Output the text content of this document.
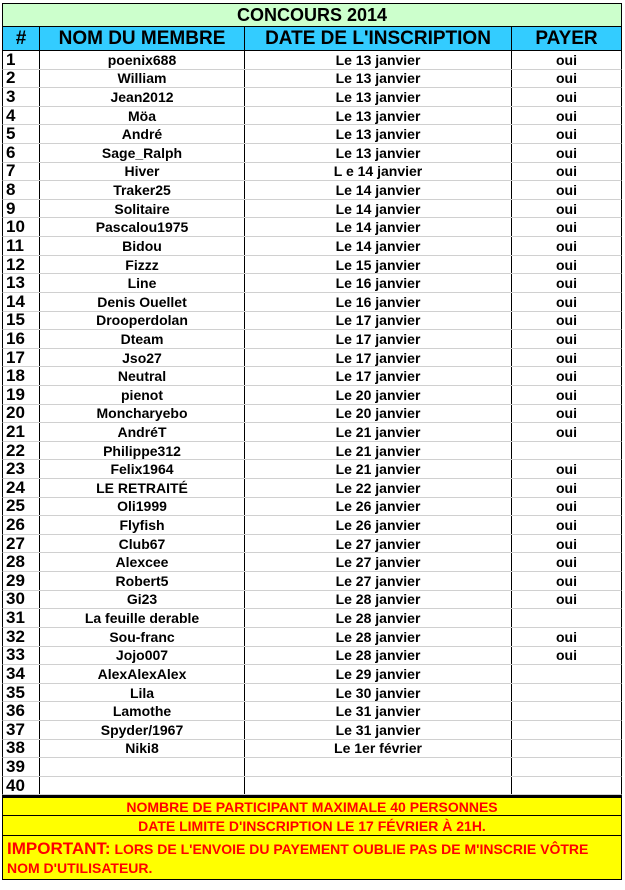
CONCOURS 2014
#	NOM DU MEMBRE	DATE DE L'INSCRIPTION	PAYER
1	poenix688	Le 13 janvier	oui
2	William	Le 13 janvier	oui
3	Jean2012	Le 13 janvier	oui
4	Möa	Le 13 janvier	oui
5	André	Le 13 janvier	oui
6	Sage_Ralph	Le 13 janvier	oui
7	Hiver	L e 14 janvier	oui
8	Traker25	Le 14 janvier	oui
9	Solitaire	Le 14 janvier	oui
10	Pascalou1975	Le 14 janvier	oui
11	Bidou	Le 14 janvier	oui
12	Fizzz	Le 15 janvier	oui
13	Line	Le 16 janvier	oui
14	Denis Ouellet	Le 16 janvier	oui
15	Drooperdolan	Le 17 janvier	oui
16	Dteam	Le 17 janvier	oui
17	Jso27	Le 17 janvier	oui
18	Neutral	Le 17 janvier	oui
19	pienot	Le 20 janvier	oui
20	Moncharyebo	Le 20 janvier	oui
21	AndréT	Le 21 janvier	oui
22	Philippe312	Le 21 janvier
23	Felix1964	Le 21 janvier	oui
24	LE RETRAITÉ	Le 22 janvier	oui
25	Oli1999	Le 26 janvier	oui
26	Flyfish	Le 26 janvier	oui
27	Club67	Le 27 janvier	oui
28	Alexcee	Le 27 janvier	oui
29	Robert5	Le 27 janvier	oui
30	Gi23	Le 28 janvier	oui
31	La feuille derable	Le 28 janvier
32	Sou-franc	Le 28 janvier	oui
33	Jojo007	Le 28 janvier	oui
34	AlexAlexAlex	Le 29 janvier
35	Lila	Le 30 janvier
36	Lamothe	Le 31 janvier
37	Spyder/1967	Le 31 janvier
38	Niki8	Le 1er février
39
40
NOMBRE DE PARTICIPANT MAXIMALE 40 PERSONNES
DATE LIMITE D'INSCRIPTION LE 17 FÉVRIER À 21H.
IMPORTANT: LORS DE L'ENVOIE DU PAYEMENT OUBLIE PAS DE M'INSCRIE VÔTRE NOM D'UTILISATEUR.
